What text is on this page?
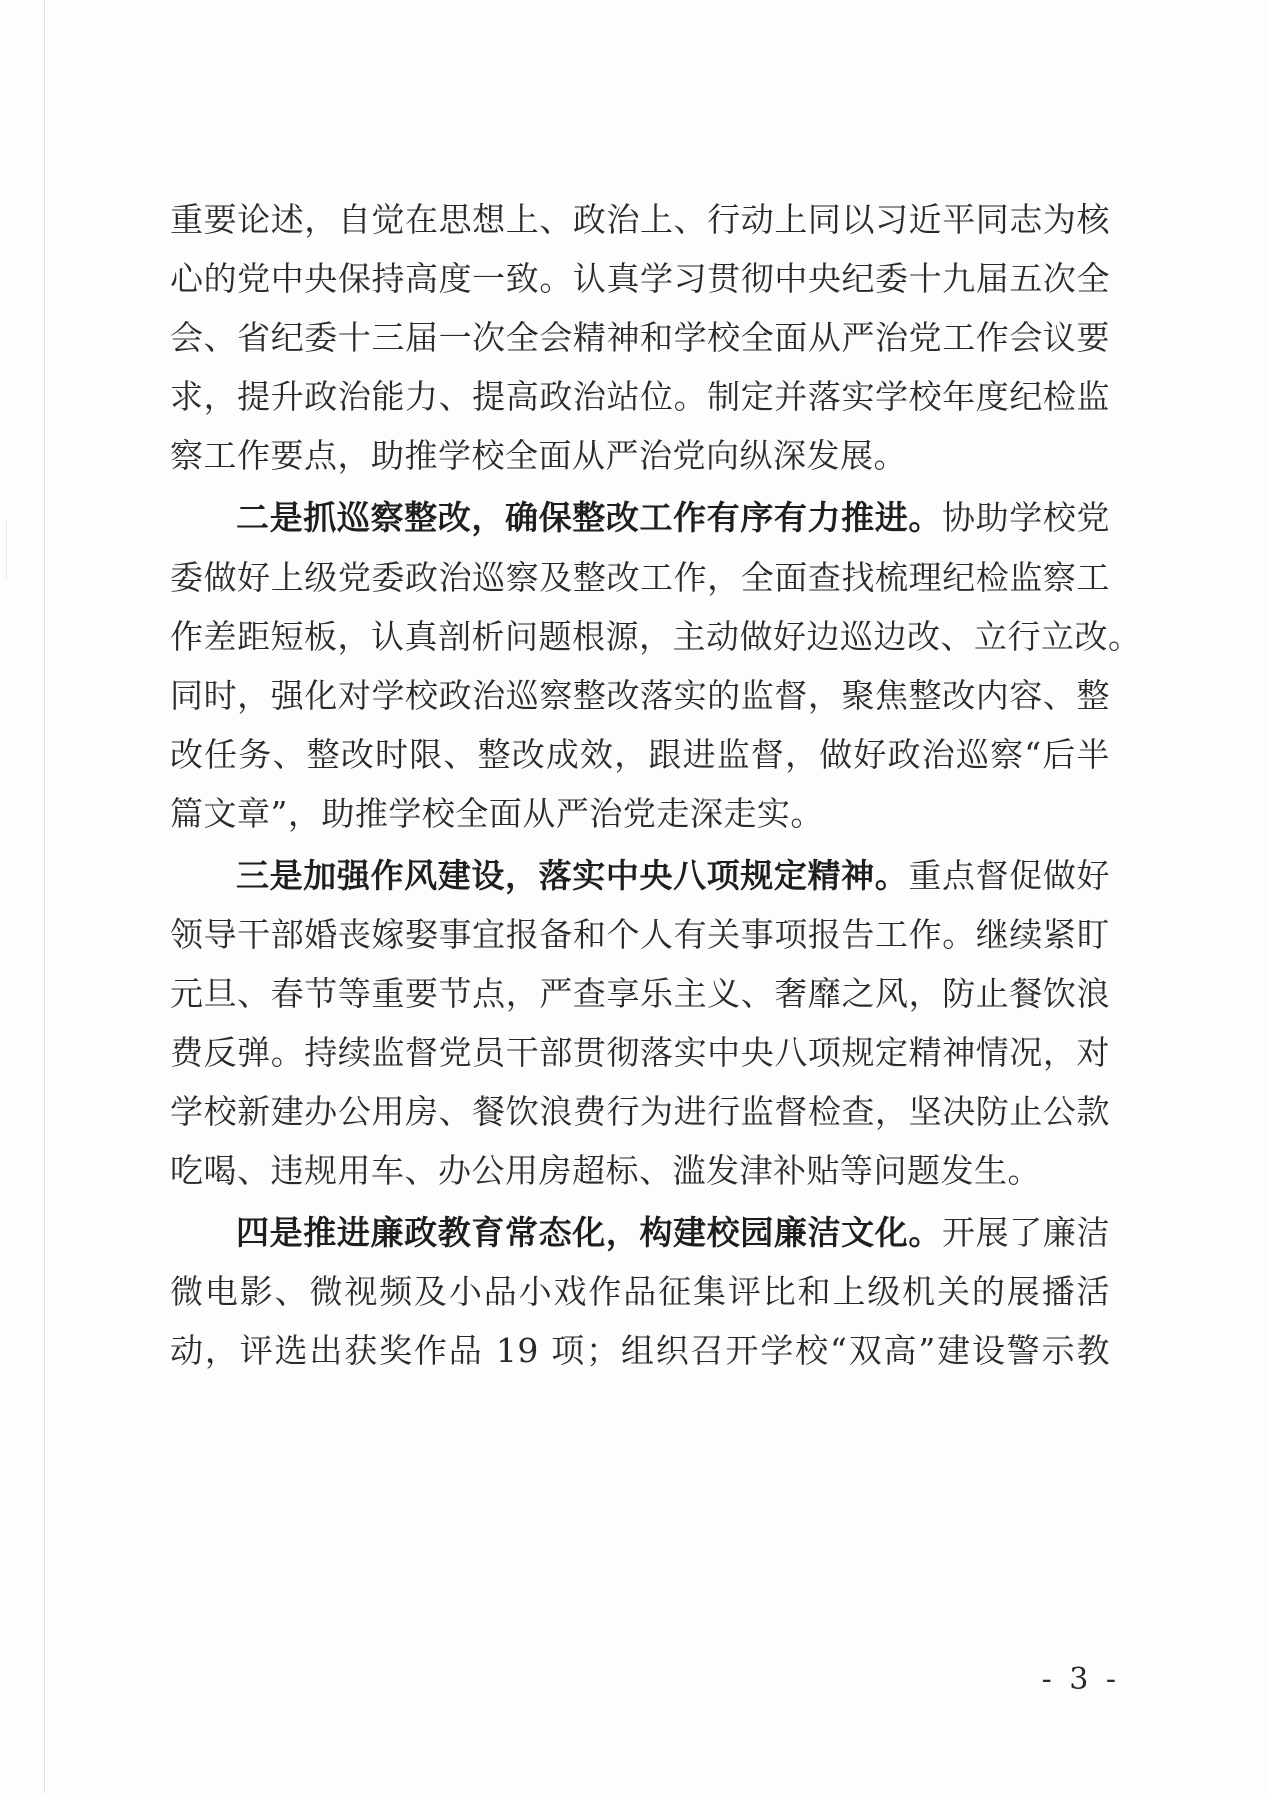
重要论述，自觉在思想上、政治上、行动上同以习近平同志为核
心的党中央保持高度一致。认真学习贯彻中央纪委十九届五次全
会、省纪委十三届一次全会精神和学校全面从严治党工作会议要
求，提升政治能力、提高政治站位。制定并落实学校年度纪检监
察工作要点，助推学校全面从严治党向纵深发展。
二是抓巡察整改，确保整改工作有序有力推进。协助学校党
委做好上级党委政治巡察及整改工作，全面查找梳理纪检监察工
作差距短板，认真剖析问题根源，主动做好边巡边改、立行立改。
同时，强化对学校政治巡察整改落实的监督，聚焦整改内容、整
改任务、整改时限、整改成效，跟进监督，做好政治巡察“后半
篇文章”，助推学校全面从严治党走深走实。
三是加强作风建设，落实中央八项规定精神。重点督促做好
领导干部婚丧嫁娶事宜报备和个人有关事项报告工作。继续紧盯
元旦、春节等重要节点，严查享乐主义、奢靡之风，防止餐饮浪
费反弹。持续监督党员干部贯彻落实中央八项规定精神情况，对
学校新建办公用房、餐饮浪费行为进行监督检查，坚决防止公款
吃喝、违规用车、办公用房超标、滥发津补贴等问题发生。
四是推进廉政教育常态化，构建校园廉洁文化。开展了廉洁
微电影、微视频及小品小戏作品征集评比和上级机关的展播活
动，评选出获奖作品 19 项；组织召开学校“双高”建设警示教
- 3 -
